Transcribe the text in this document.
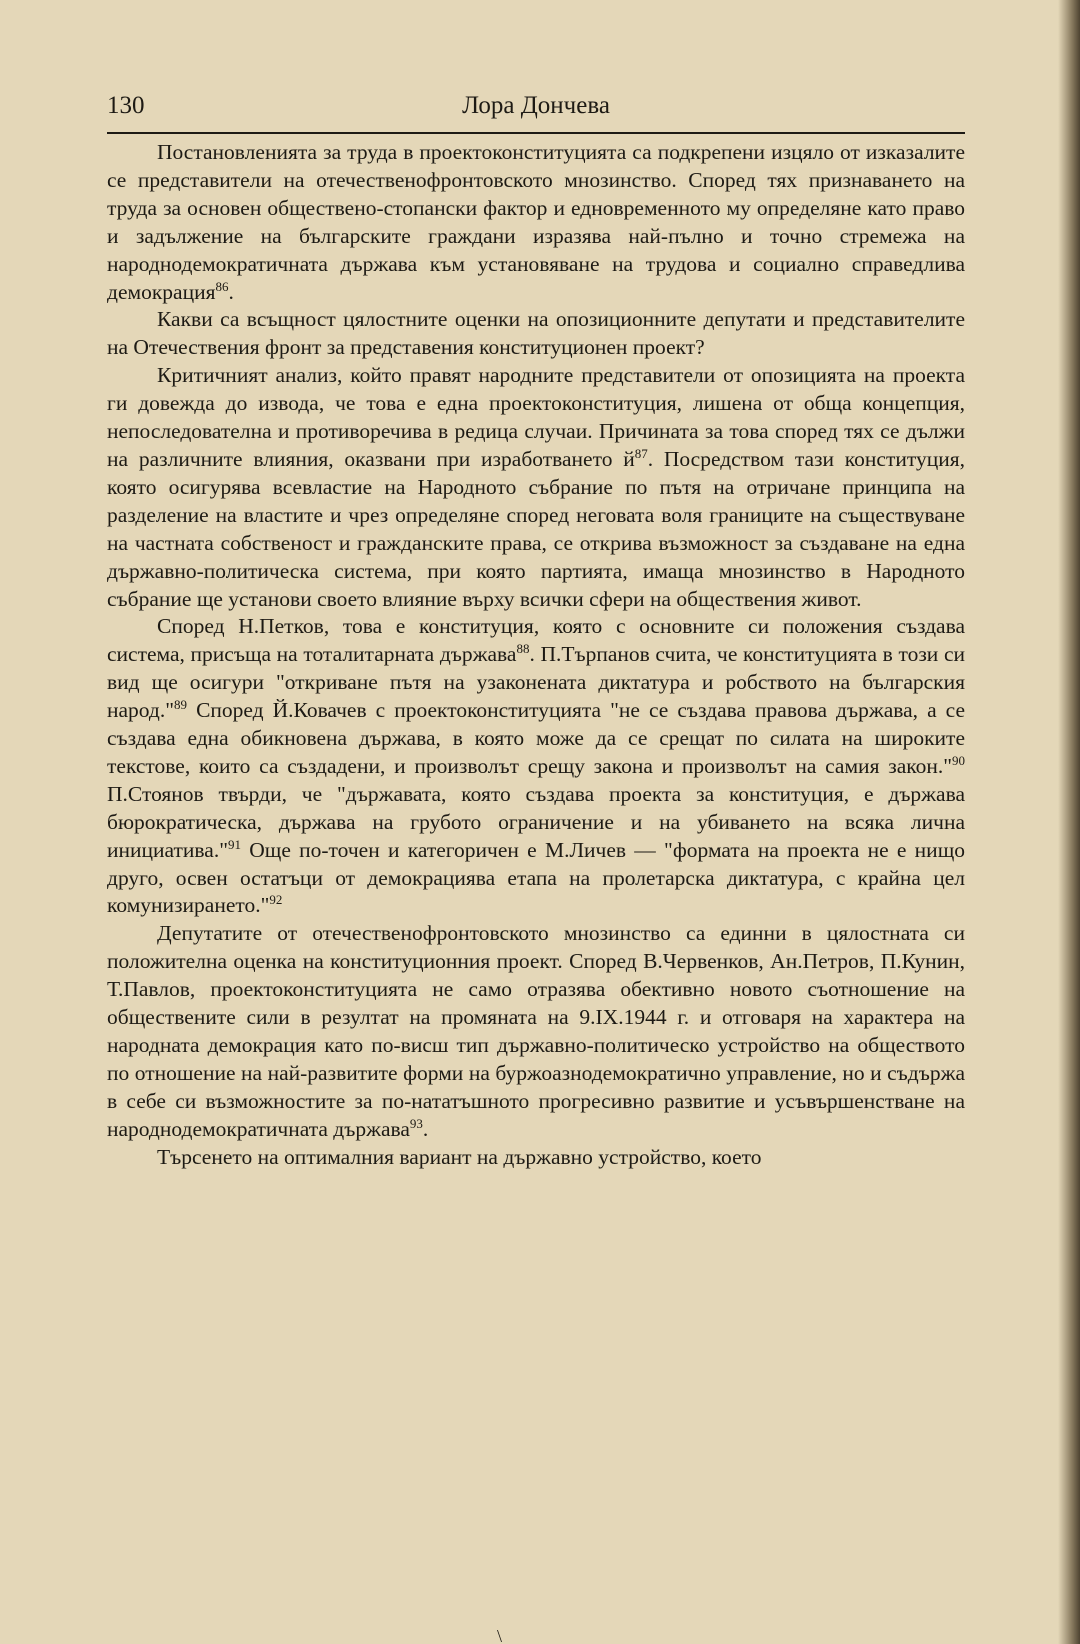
130	Лора Дончева

Постановленията за труда в проектоконституцията са подкрепени изцяло от изказалите се представители на отечественофронтовското мнозинство. Според тях признаването на труда за основен обществено-стопански фактор и едновременното му определяне като право и задължение на българските граждани изразява най-пълно и точно стремежа на народнодемократичната държава към установяване на трудова и социално справедлива демокрация$^{86}$.

Какви са всъщност цялостните оценки на опозиционните депутати и представителите на Отечествения фронт за представения конституционен проект?

Критичният анализ, който правят народните представители от опозицията на проекта ги довежда до извода, че това е една проектоконституция, лишена от обща концепция, непоследователна и противоречива в редица случаи. Причината за това според тях се дължи на различните влияния, оказвани при изработването $й^{87}$. Посредством тази конституция, която осигурява всевластие на Народното събрание по пътя на отричане принципа на разделение на властите и чрез определяне според неговата воля границите на съществуване на частната собственост и гражданските права, се открива възможност за създаване на една държавно-политическа система, при която партията, имаща мнозинство в Народното събрание ще установи своето влияние върху всички сфери на обществения живот.

Според Н.Петков, това е конституция, която с основните си положения създава система, присъща на тоталитарната държава$^{88}$. П.Търпанов счита, че конституцията в този си вид ще осигури "откриване пътя на узаконената диктатура и робството на българския народ."$^{89}$ Според Й.Ковачев с проектоконституцията "не се създава правова държава, а се създава една обикновена държава, в която може да се срещат по силата на широките текстове, които са създадени, и произволът срещу закона и произволът на самия закон."$^{90}$ П.Стоянов твърди, че "държавата, която създава проекта за конституция, е държава бюрократическа, държава на грубото ограничение и на убиването на всяка лична инициатива."$^{91}$ Още по-точен и категоричен е М.Личев — "формата на проекта не е нищо друго, освен остатъци от демокрациява етапа на пролетарска диктатура, с крайна цел комунизирането."$^{92}$

Депутатите от отечественофронтовското мнозинство са единни в цялостната си положителна оценка на конституционния проект. Според В.Червенков, Ан.Петров, П.Кунин, Т.Павлов, проектоконституцията не само отразява обективно новото съотношение на обществените сили в резултат на промяната на 9.IX.1944 г. и отговаря на характера на народната демокрация като по-висш тип държавно-политическо устройство на обществото по отношение на най-развитите форми на буржоазнодемократично управление, но и съдържа в себе си възможностите за по-нататъшното прогресивно развитие и усъвършенстване на народнодемократичната държава$^{93}$.

Търсенето на оптималния вариант на държавно устройство, което

\
